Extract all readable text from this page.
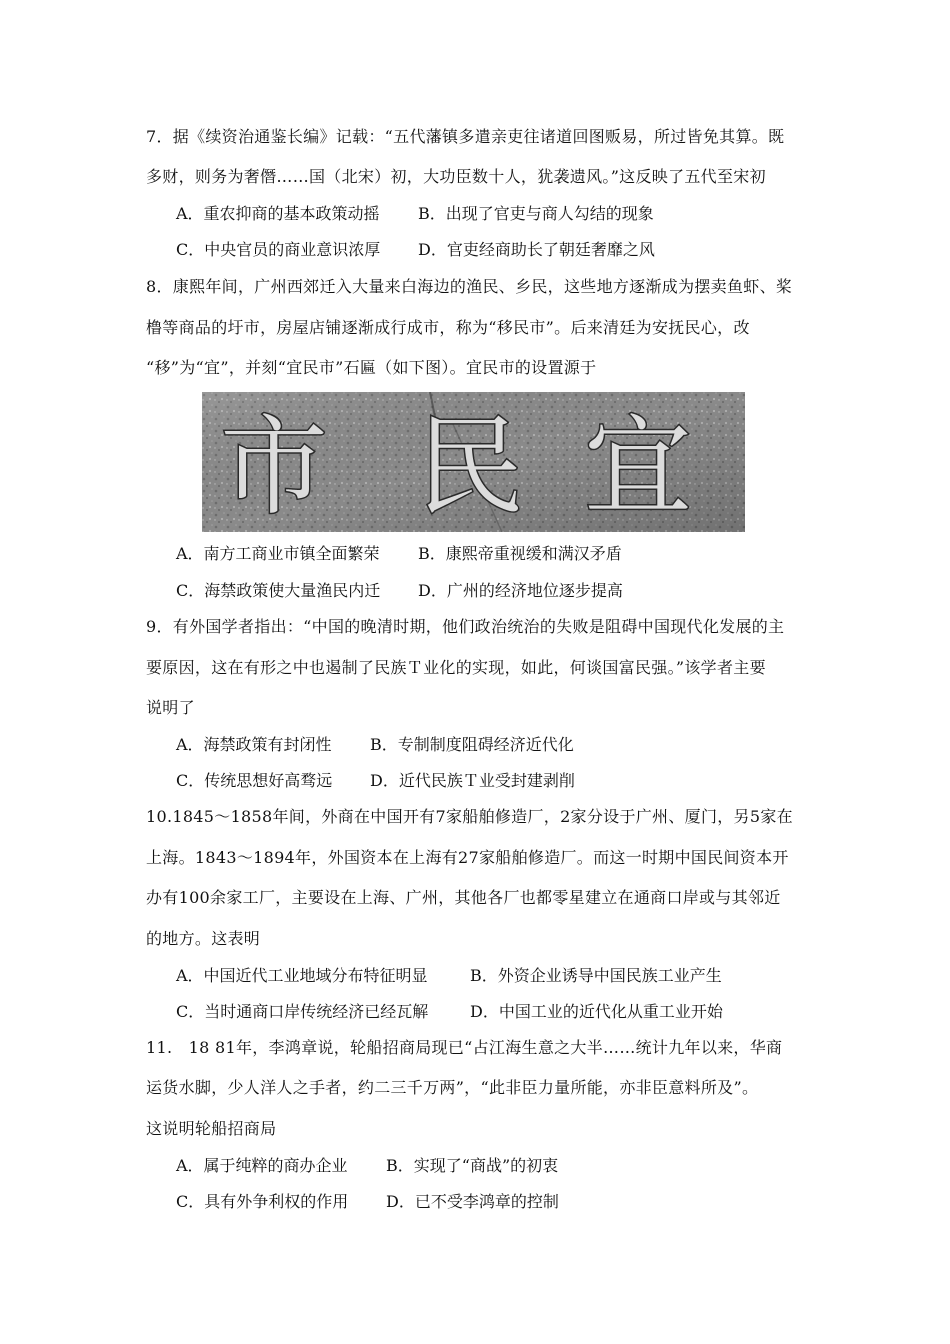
7．据《续资治通鉴长编》记载：“五代藩镇多遣亲吏往诸道回图贩易，所过皆免其算。既
多财，则务为奢僭……国（北宋）初，大功臣数十人，犹袭遗风。”这反映了五代至宋初
A．重农抑商的基本政策动摇 B．出现了官吏与商人勾结的现象
C．中央官员的商业意识浓厚 D．官吏经商助长了朝廷奢靡之风
8．康熙年间，广州西郊迁入大量来白海边的渔民、乡民，这些地方逐渐成为摆卖鱼虾、桨
橹等商品的圩市，房屋店铺逐渐成行成市，称为“移民市”。后来清廷为安抚民心，改
“移”为“宜”，并刻“宜民市”石匾（如下图）。宜民市的设置源于
市 民 宜
A．南方工商业市镇全面繁荣 B．康熙帝重视缓和满汉矛盾
C．海禁政策使大量渔民内迁 D．广州的经济地位逐步提高
9．有外国学者指出：“中国的晚清时期，他们政治统治的失败是阻碍中国现代化发展的主
要原因，这在有形之中也遏制了民族Ｔ业化的实现，如此，何谈国富民强。”该学者主要
说明了
A．海禁政策有封闭性 B．专制制度阻碍经济近代化
C．传统思想好高骛远 D．近代民族Ｔ业受封建剥削
10.1845～1858年间，外商在中国开有7家船舶修造厂，2家分设于广州、厦门，另5家在
上海。1843～1894年，外国资本在上海有27家船舶修造厂。而这一时期中国民间资本开
办有100余家工厂，主要设在上海、广州，其他各厂也都零星建立在通商口岸或与其邻近
的地方。这表明
A．中国近代工业地域分布特征明显	B．外资企业诱导中国民族工业产生
C．当时通商口岸传统经济已经瓦解	D．中国工业的近代化从重工业开始
11.　18 81年，李鸿章说，轮船招商局现已“占江海生意之大半……统计九年以来，华商
运货水脚，少人洋人之手者，约二三千万两”，“此非臣力量所能，亦非臣意料所及”。
这说明轮船招商局
A．属于纯粹的商办企业 B．实现了“商战”的初衷
C．具有外争利权的作用 D．已不受李鸿章的控制
